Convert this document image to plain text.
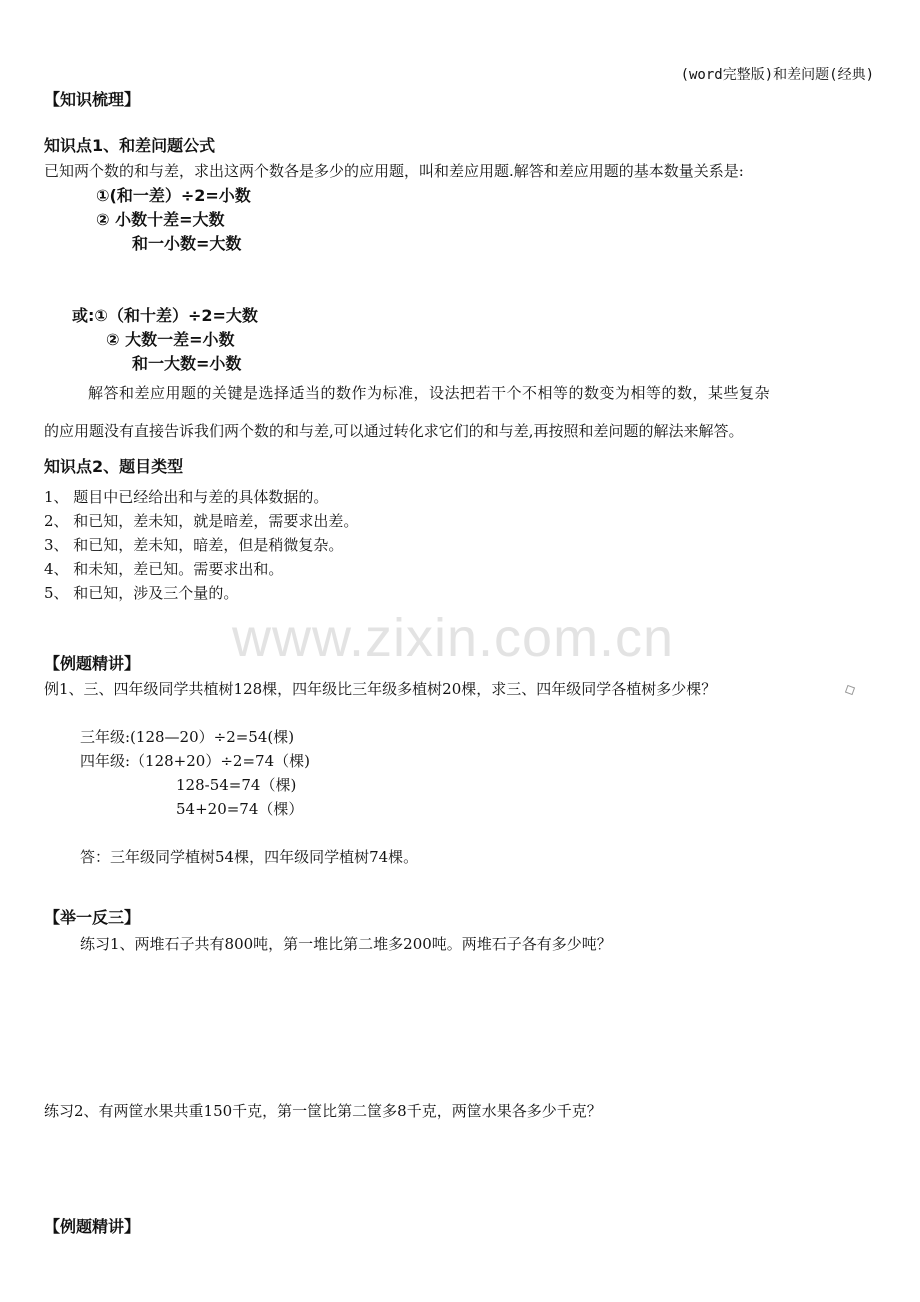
(word完整版)和差问题(经典)
www.zixin.com.cn
【知识梳理】
知识点1、和差问题公式
已知两个数的和与差，求出这两个数各是多少的应用题，叫和差应用题.解答和差应用题的基本数量关系是:
①(和一差）÷2=小数
② 小数十差=大数
和一小数=大数
或:①（和十差）÷2=大数
② 大数一差=小数
和一大数=小数
解答和差应用题的关键是选择适当的数作为标准，设法把若干个不相等的数变为相等的数，某些复杂
的应用题没有直接告诉我们两个数的和与差,可以通过转化求它们的和与差,再按照和差问题的解法来解答。
知识点2、题目类型
1、 题目中已经给出和与差的具体数据的。
2、 和已知，差未知，就是暗差，需要求出差。
3、 和已知，差未知，暗差，但是稍微复杂。
4、 和未知，差已知。需要求出和。
5、 和已知，涉及三个量的。
【例题精讲】
例1、三、四年级同学共植树128棵，四年级比三年级多植树20棵，求三、四年级同学各植树多少棵？
三年级:(128—20）÷2=54(棵)
四年级:（128+20）÷2=74（棵)
128-54=74（棵)
54+20=74（棵）
答：三年级同学植树54棵，四年级同学植树74棵。
【举一反三】
练习1、两堆石子共有800吨，第一堆比第二堆多200吨。两堆石子各有多少吨？
练习2、有两筐水果共重150千克，第一筐比第二筐多8千克，两筐水果各多少千克？
【例题精讲】
